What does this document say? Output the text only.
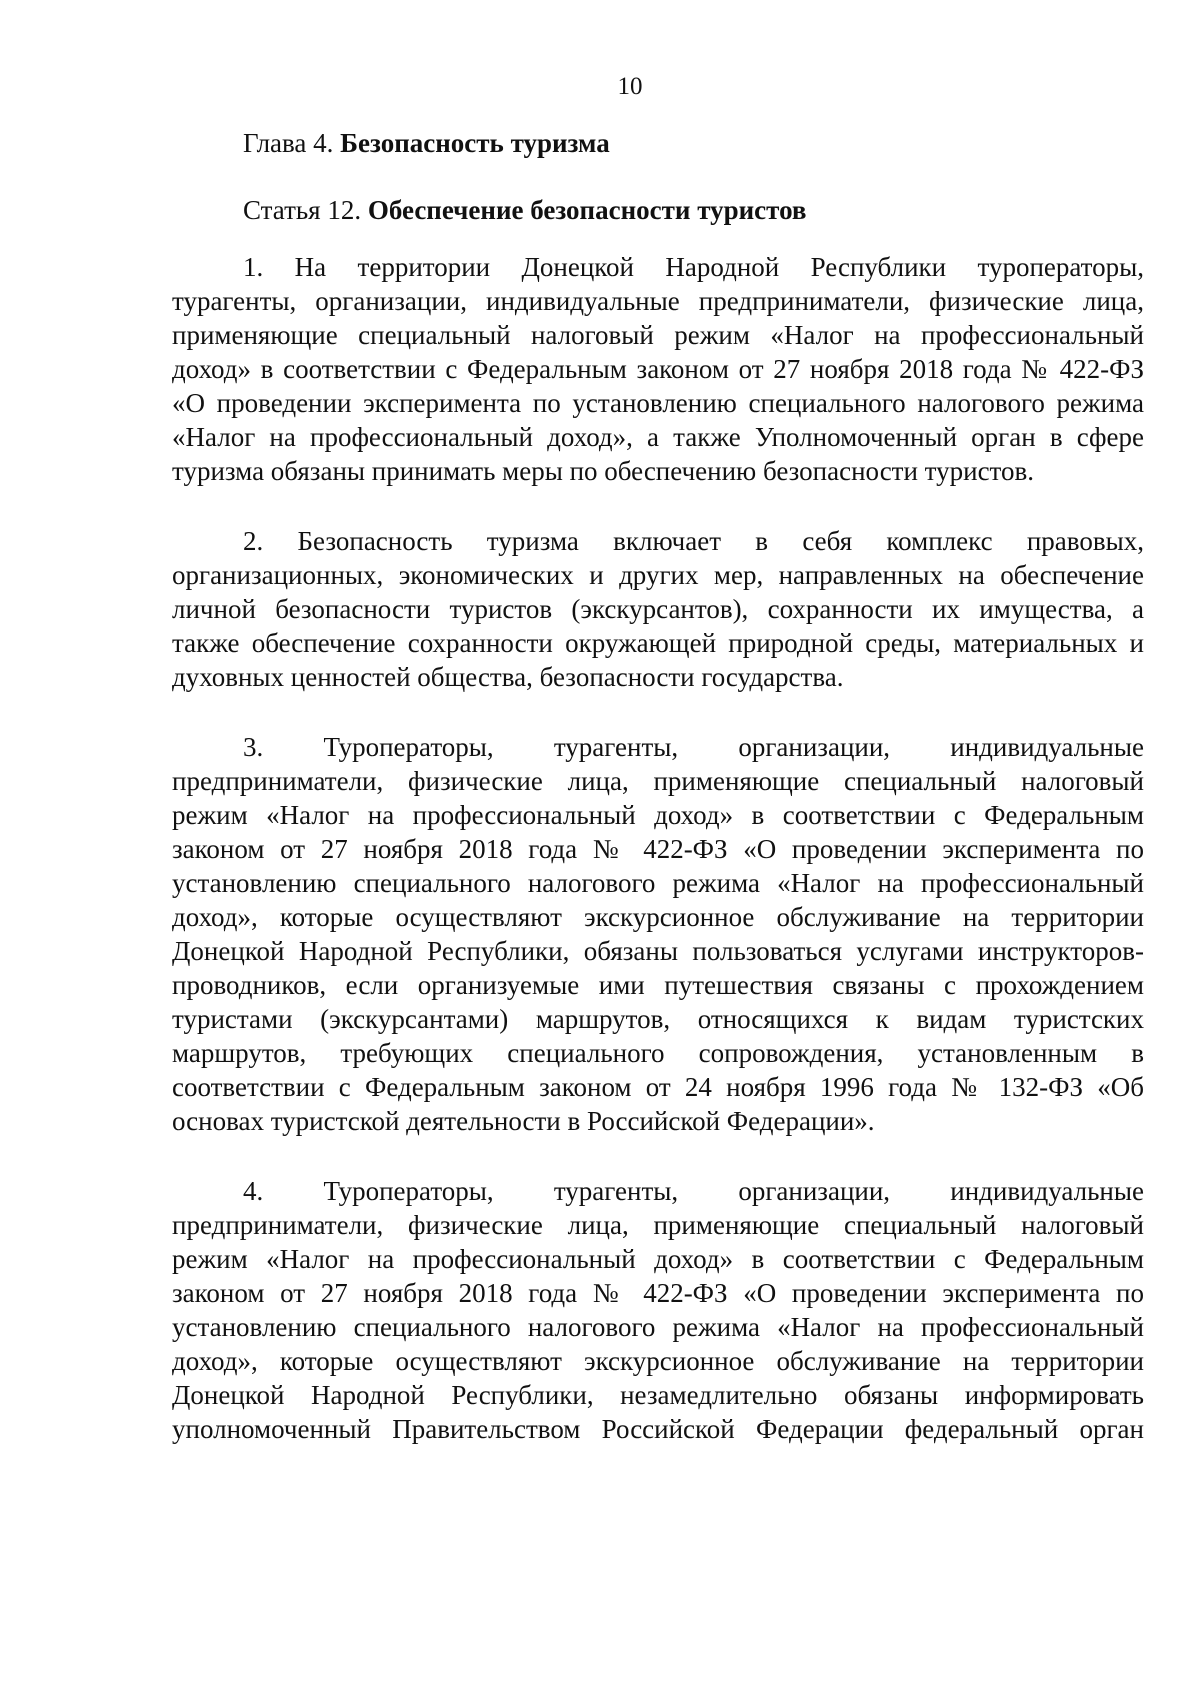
10
Глава 4. Безопасность туризма
Статья 12. Обеспечение безопасности туристов
1. На территории Донецкой Народной Республики туроператоры,
турагенты, организации, индивидуальные предприниматели, физические лица,
применяющие специальный налоговый режим «Налог на профессиональный
доход» в соответствии с Федеральным законом от 27 ноября 2018 года № 422-ФЗ
«О проведении эксперимента по установлению специального налогового режима
«Налог на профессиональный доход», а также Уполномоченный орган в сфере
туризма обязаны принимать меры по обеспечению безопасности туристов.
2. Безопасность туризма включает в себя комплекс правовых,
организационных, экономических и других мер, направленных на обеспечение
личной безопасности туристов (экскурсантов), сохранности их имущества, а
также обеспечение сохранности окружающей природной среды, материальных и
духовных ценностей общества, безопасности государства.
3. Туроператоры, турагенты, организации, индивидуальные
предприниматели, физические лица, применяющие специальный налоговый
режим «Налог на профессиональный доход» в соответствии с Федеральным
законом от 27 ноября 2018 года № 422-ФЗ «О проведении эксперимента по
установлению специального налогового режима «Налог на профессиональный
доход», которые осуществляют экскурсионное обслуживание на территории
Донецкой Народной Республики, обязаны пользоваться услугами инструкторов-
проводников, если организуемые ими путешествия связаны с прохождением
туристами (экскурсантами) маршрутов, относящихся к видам туристских
маршрутов, требующих специального сопровождения, установленным в
соответствии с Федеральным законом от 24 ноября 1996 года № 132-ФЗ «Об
основах туристской деятельности в Российской Федерации».
4. Туроператоры, турагенты, организации, индивидуальные
предприниматели, физические лица, применяющие специальный налоговый
режим «Налог на профессиональный доход» в соответствии с Федеральным
законом от 27 ноября 2018 года № 422-ФЗ «О проведении эксперимента по
установлению специального налогового режима «Налог на профессиональный
доход», которые осуществляют экскурсионное обслуживание на территории
Донецкой Народной Республики, незамедлительно обязаны информировать
уполномоченный Правительством Российской Федерации федеральный орган
